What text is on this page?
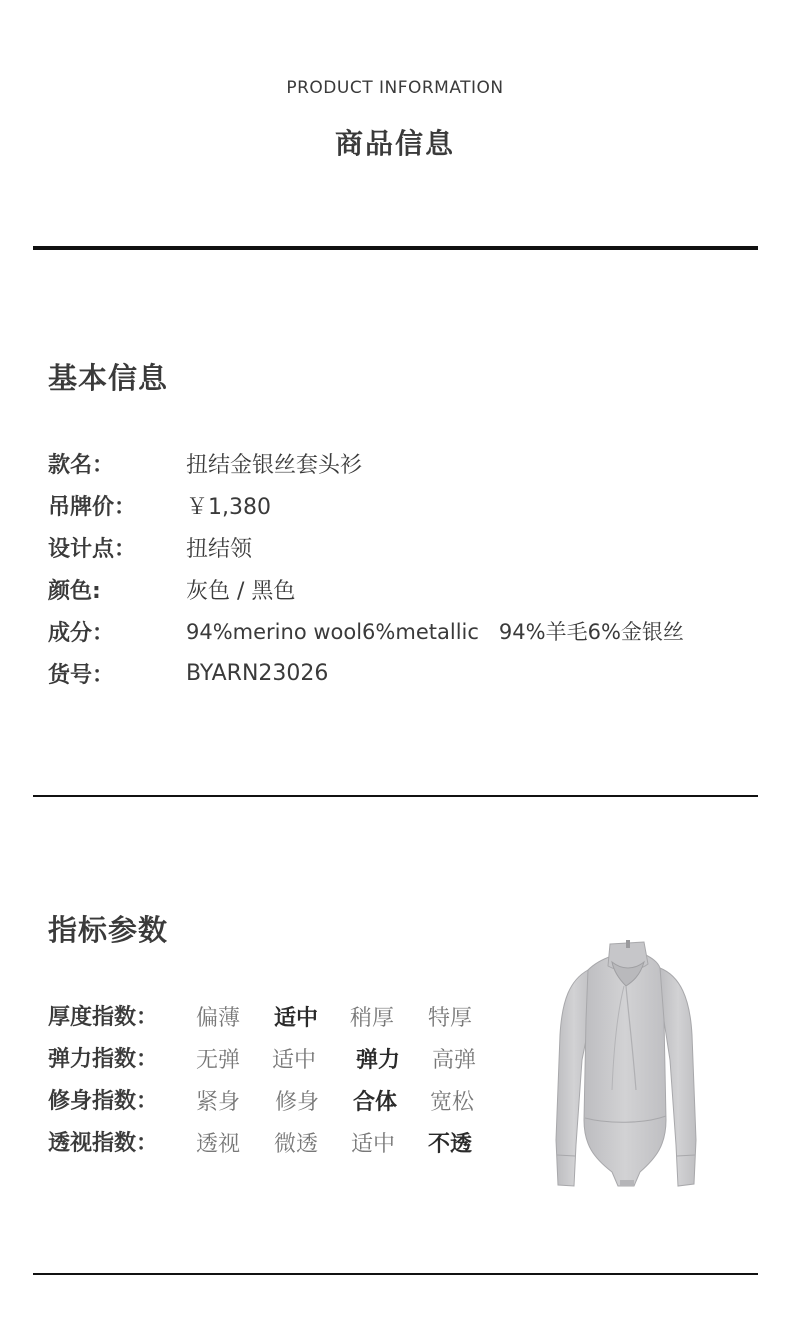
PRODUCT INFORMATION
商品信息
基本信息
款名：	扭结金银丝套头衫
吊牌价：	￥1,380
设计点：	扭结领
颜色:	灰色 / 黑色
成分：	94%merino wool6%metallic   94%羊毛6%金银丝
货号：	BYARN23026
指标参数
厚度指数：	偏薄 适中 稍厚 特厚
弹力指数：	无弹 适中 弹力 高弹
修身指数：	紧身 修身 合体 宽松
透视指数：	透视 微透 适中 不透
